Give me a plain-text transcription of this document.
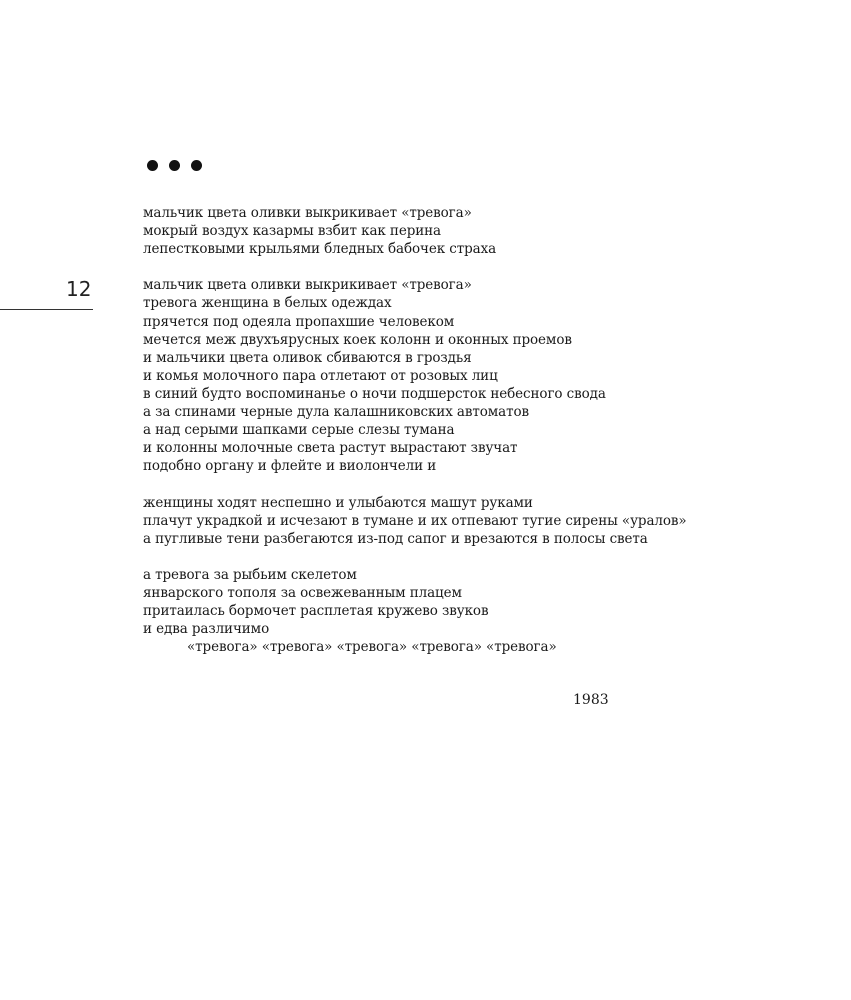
12
мальчик цвета оливки выкрикивает «тревога»
мокрый воздух казармы взбит как перина
лепестковыми крыльями бледных бабочек страха
мальчик цвета оливки выкрикивает «тревога»
тревога женщина в белых одеждах
прячется под одеяла пропахшие человеком
мечется меж двухъярусных коек колонн и оконных проемов
и мальчики цвета оливок сбиваются в гроздья
и комья молочного пара отлетают от розовых лиц
в синий будто воспоминанье о ночи подшерсток небесного свода
а за спинами черные дула калашниковских автоматов
а над серыми шапками серые слезы тумана
и колонны молочные света растут вырастают звучат
подобно органу и флейте и виолончели и
женщины ходят неспешно и улыбаются машут руками
плачут украдкой и исчезают в тумане и их отпевают тугие сирены «уралов»
а пугливые тени разбегаются из-под сапог и врезаются в полосы света
а тревога за рыбьим скелетом
январского тополя за освежеванным плацем
притаилась бормочет расплетая кружево звуков
и едва различимо
«тревога» «тревога» «тревога» «тревога» «тревога»
1983
